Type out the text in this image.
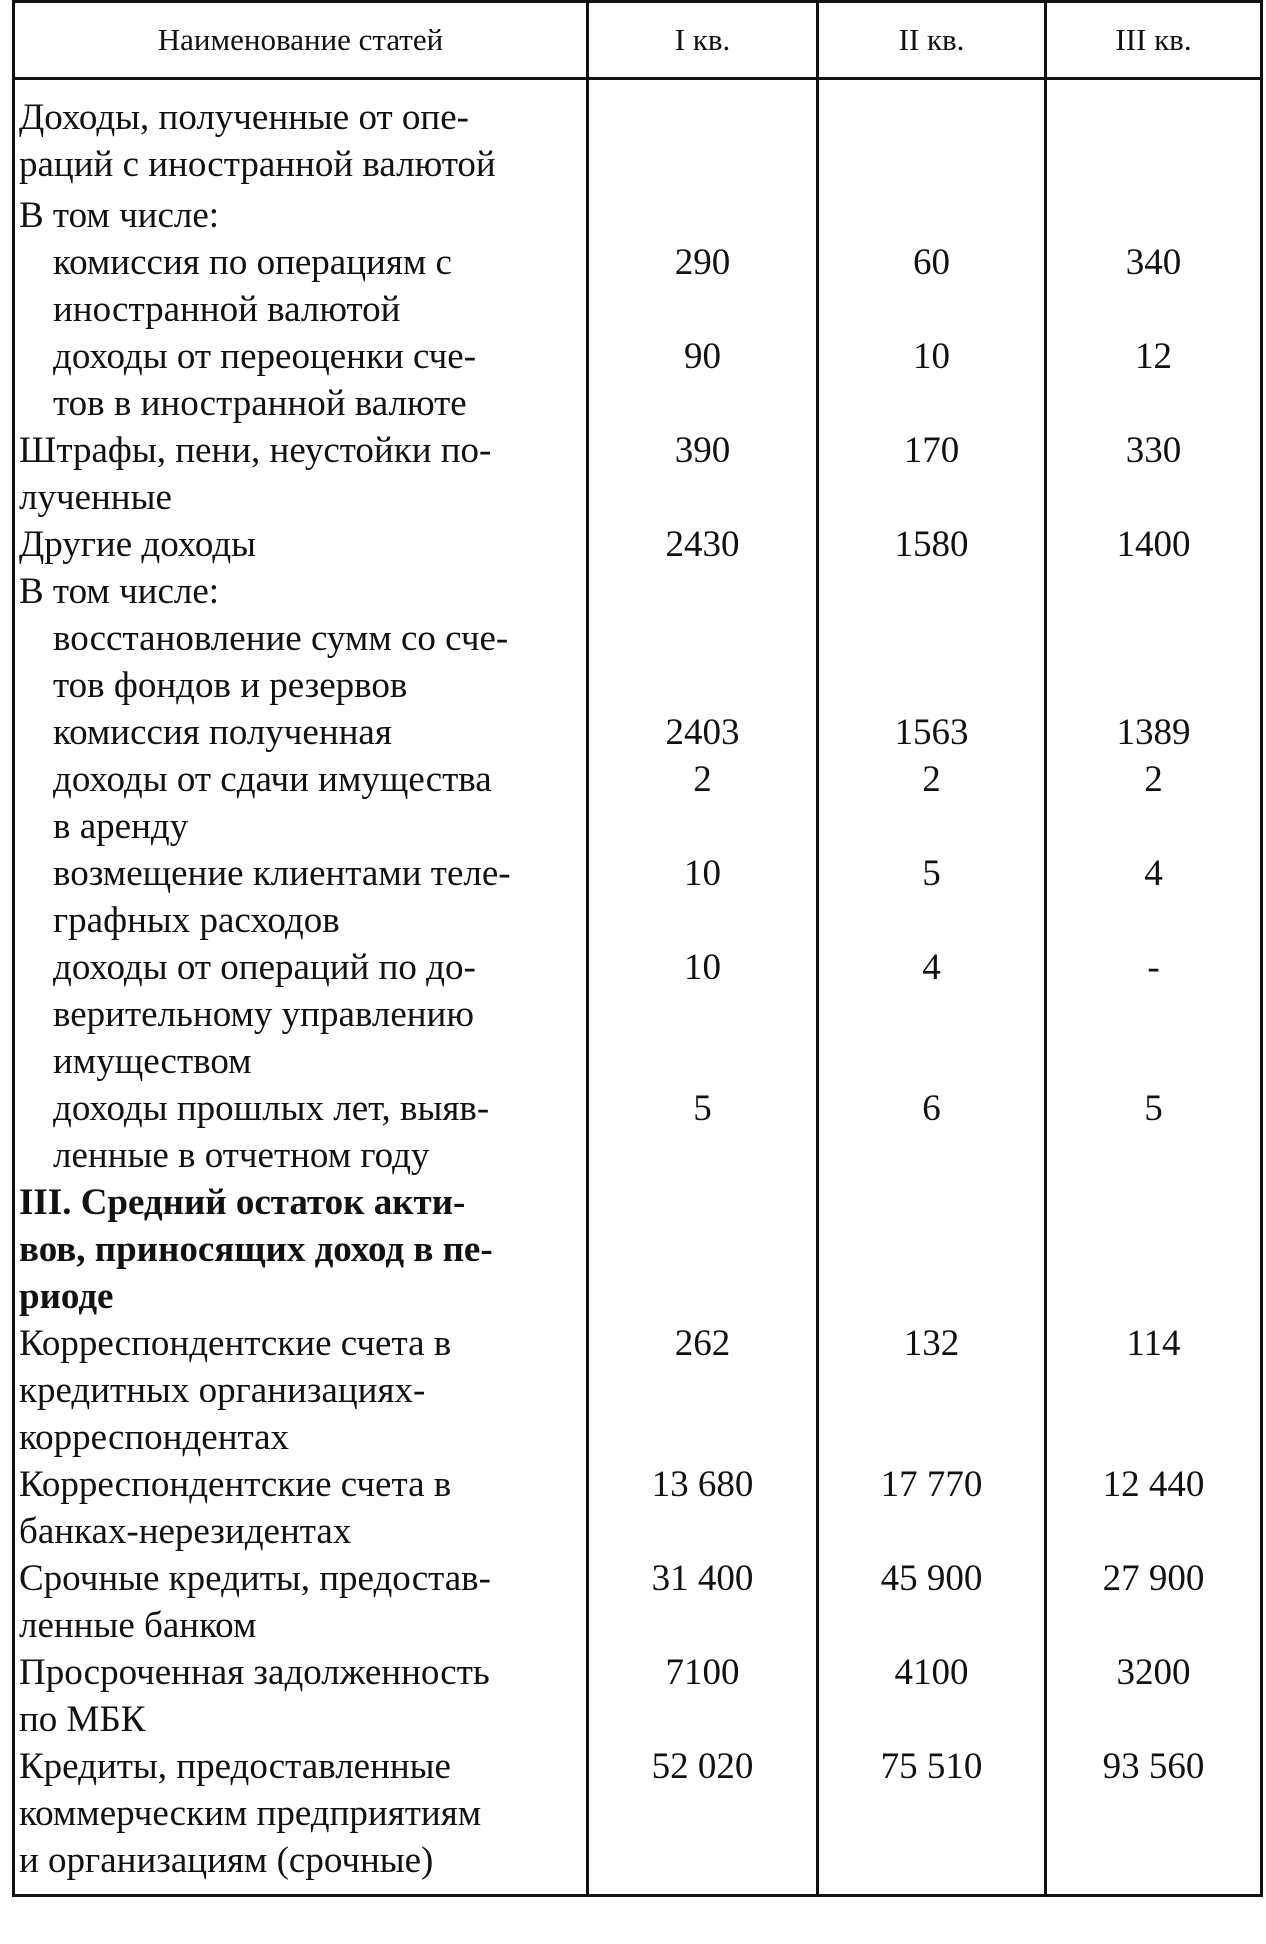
Наименование статей	I кв.	II кв.	III кв.

Доходы, полученные от опе-
раций с иностранной валютой			

В том числе:			

комиссия по операциям с
иностранной валютой	290	60	340

доходы от переоценки сче-
тов в иностранной валюте	90	10	12

Штрафы, пени, неустойки по-
лученные	390	170	330

Другие доходы	2430	1580	1400

В том числе:			

восстановление сумм со сче-
тов фондов и резервов			

комиссия полученная	2403	1563	1389

доходы от сдачи имущества
в аренду	2	2	2

возмещение клиентами теле-
графных расходов	10	5	4

доходы от операций по до-
верительному управлению
имуществом	10	4	-

доходы прошлых лет, выяв-
ленные в отчетном году	5	6	5

III. Средний остаток акти-
вов, приносящих доход в пе-
риоде			

Корреспондентские счета в
кредитных организациях-
корреспондентах	262	132	114

Корреспондентские счета в
банках-нерезидентах	13 680	17 770	12 440

Срочные кредиты, предостав-
ленные банком	31 400	45 900	27 900

Просроченная задолженность
по МБК	7100	4100	3200

Кредиты, предоставленные
коммерческим предприятиям
и организациям (срочные)	52 020	75 510	93 560
